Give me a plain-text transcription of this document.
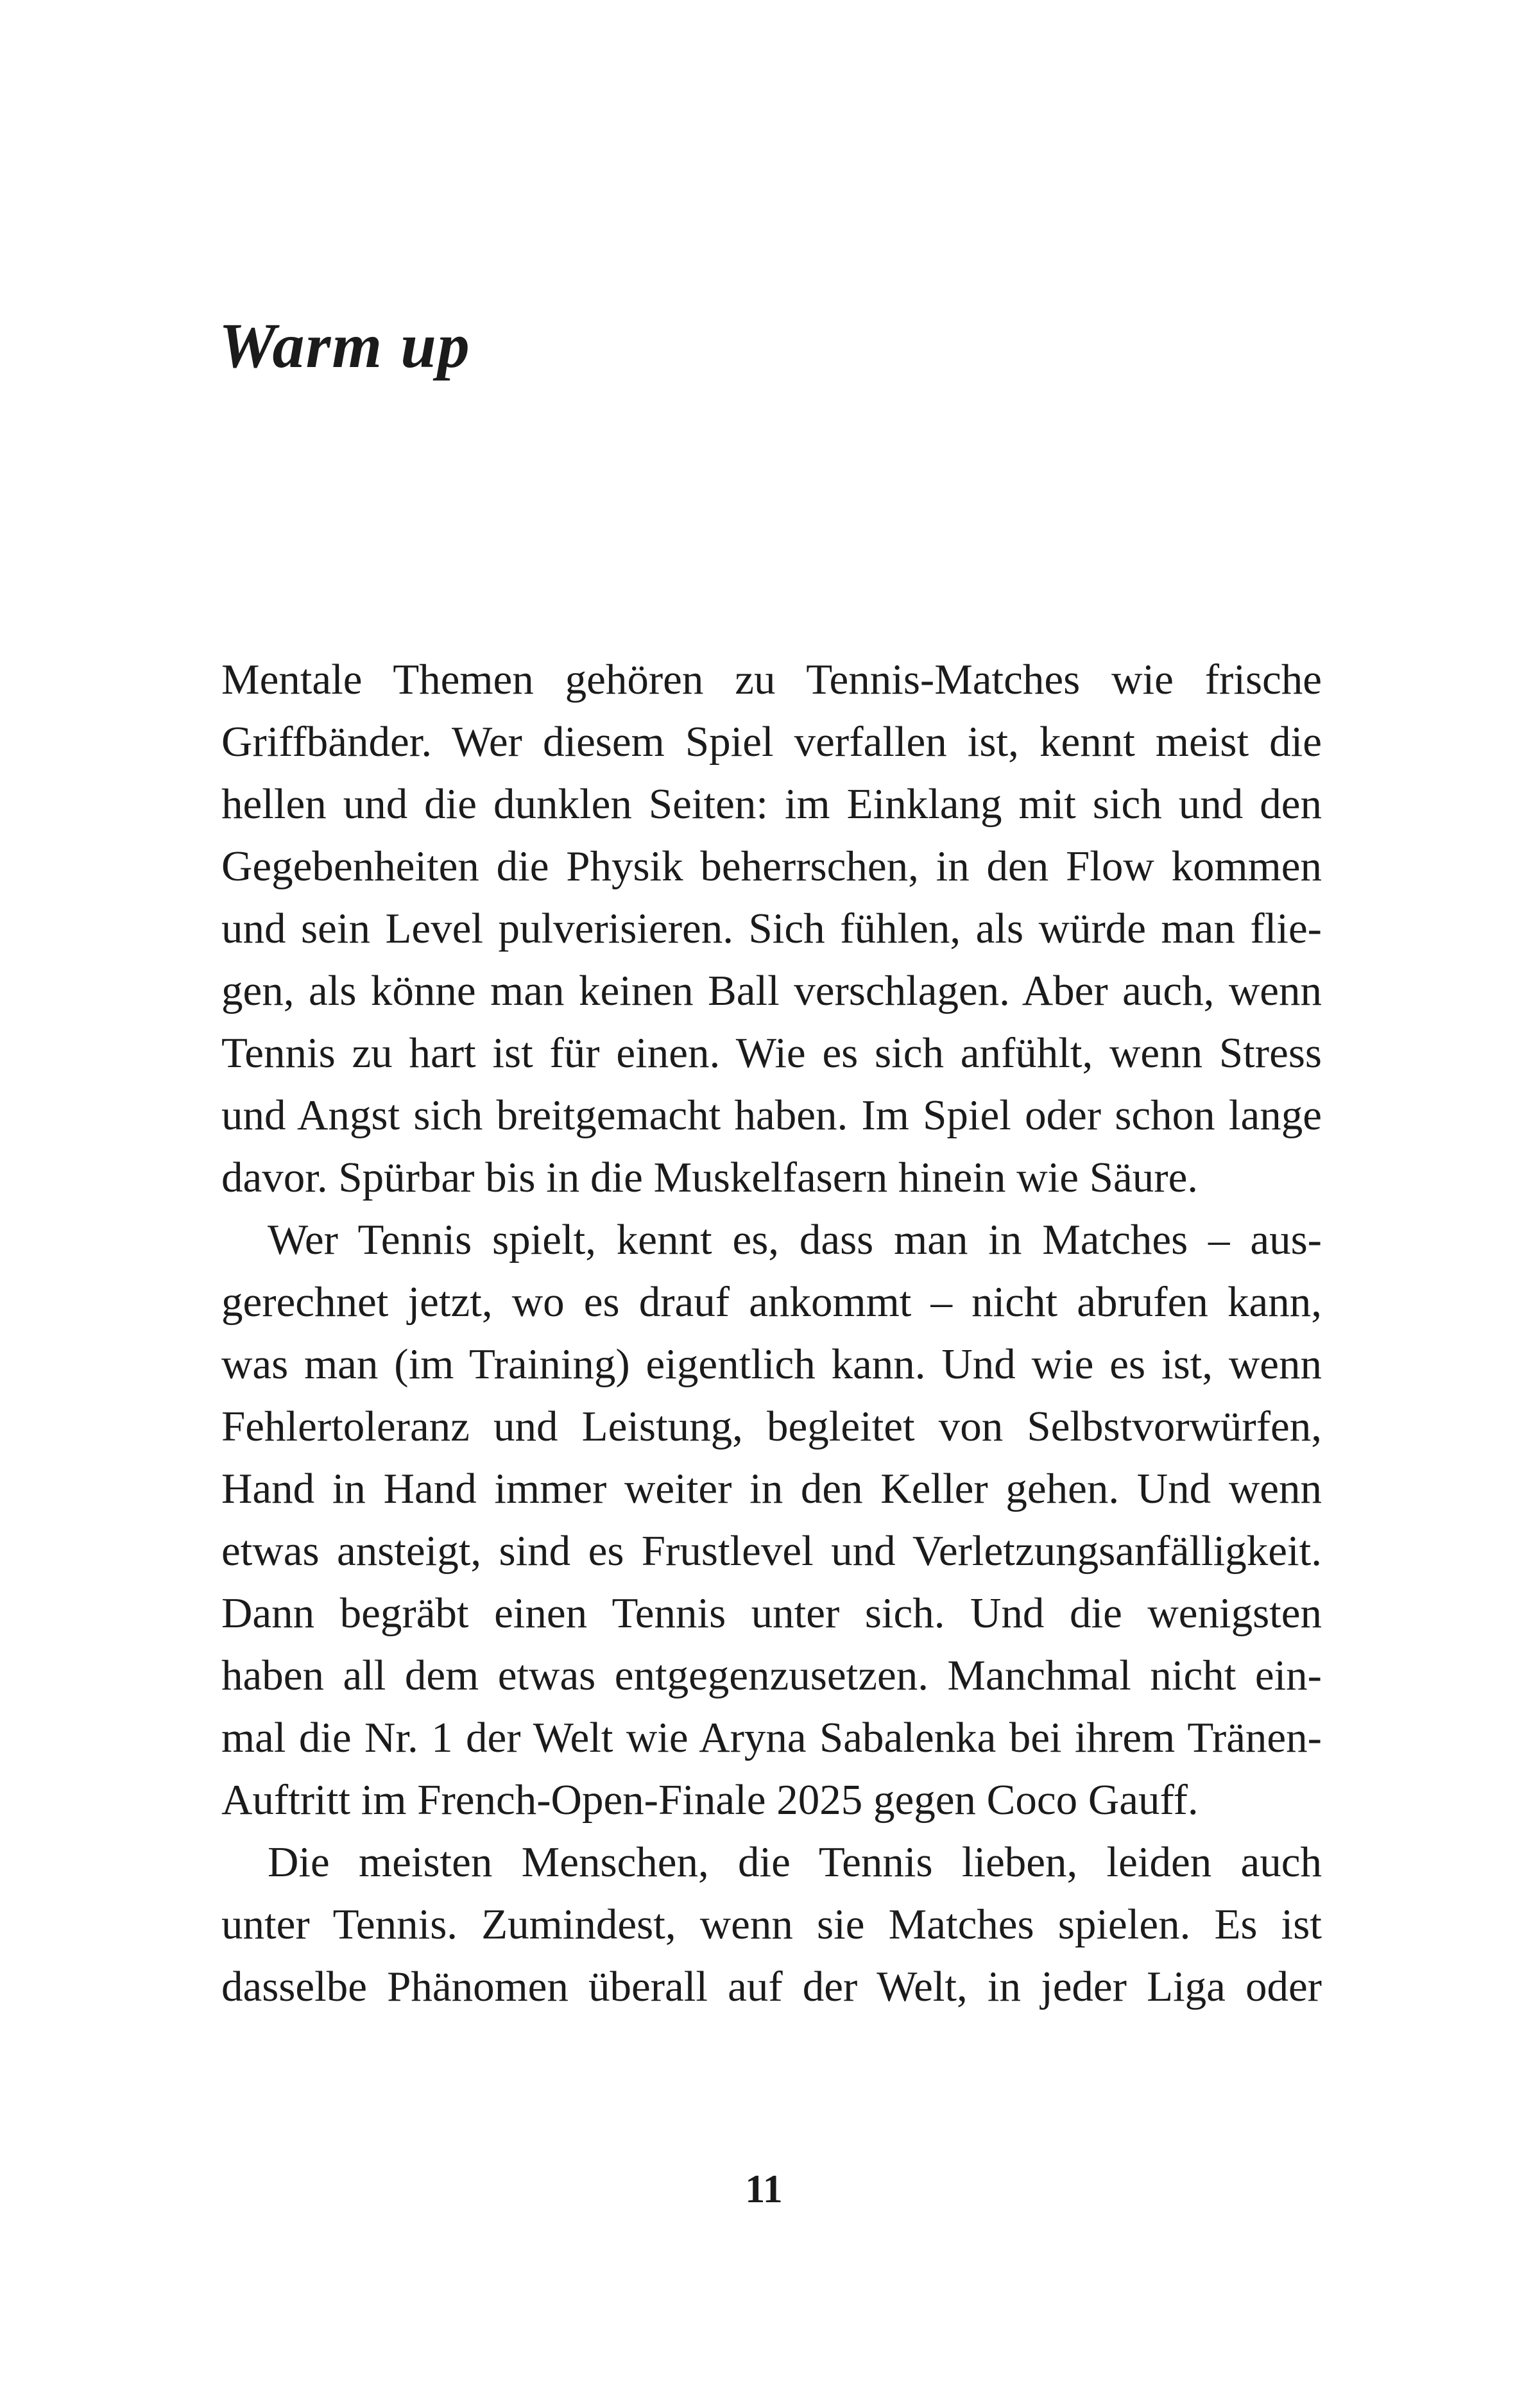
Warm up

Mentale Themen gehören zu Tennis-Matches wie frische

Griffbänder. Wer diesem Spiel verfallen ist, kennt meist die

hellen und die dunklen Seiten: im Einklang mit sich und den

Gegebenheiten die Physik beherrschen, in den Flow kommen

und sein Level pulverisieren. Sich fühlen, als würde man flie-

gen, als könne man keinen Ball verschlagen. Aber auch, wenn

Tennis zu hart ist für einen. Wie es sich anfühlt, wenn Stress

und Angst sich breitgemacht haben. Im Spiel oder schon lange

davor. Spürbar bis in die Muskelfasern hinein wie Säure.

Wer Tennis spielt, kennt es, dass man in Matches – aus-

gerechnet jetzt, wo es drauf ankommt – nicht abrufen kann,

was man (im Training) eigentlich kann. Und wie es ist, wenn

Fehlertoleranz und Leistung, begleitet von Selbstvorwürfen,

Hand in Hand immer weiter in den Keller gehen. Und wenn

etwas ansteigt, sind es Frustlevel und Verletzungsanfälligkeit.

Dann begräbt einen Tennis unter sich. Und die wenigsten

haben all dem etwas entgegenzusetzen. Manchmal nicht ein-

mal die Nr. 1 der Welt wie Aryna Sabalenka bei ihrem Tränen-

Auftritt im French-Open-Finale 2025 gegen Coco Gauff.

Die meisten Menschen, die Tennis lieben, leiden auch

unter Tennis. Zumindest, wenn sie Matches spielen. Es ist

dasselbe Phänomen überall auf der Welt, in jeder Liga oder

11
